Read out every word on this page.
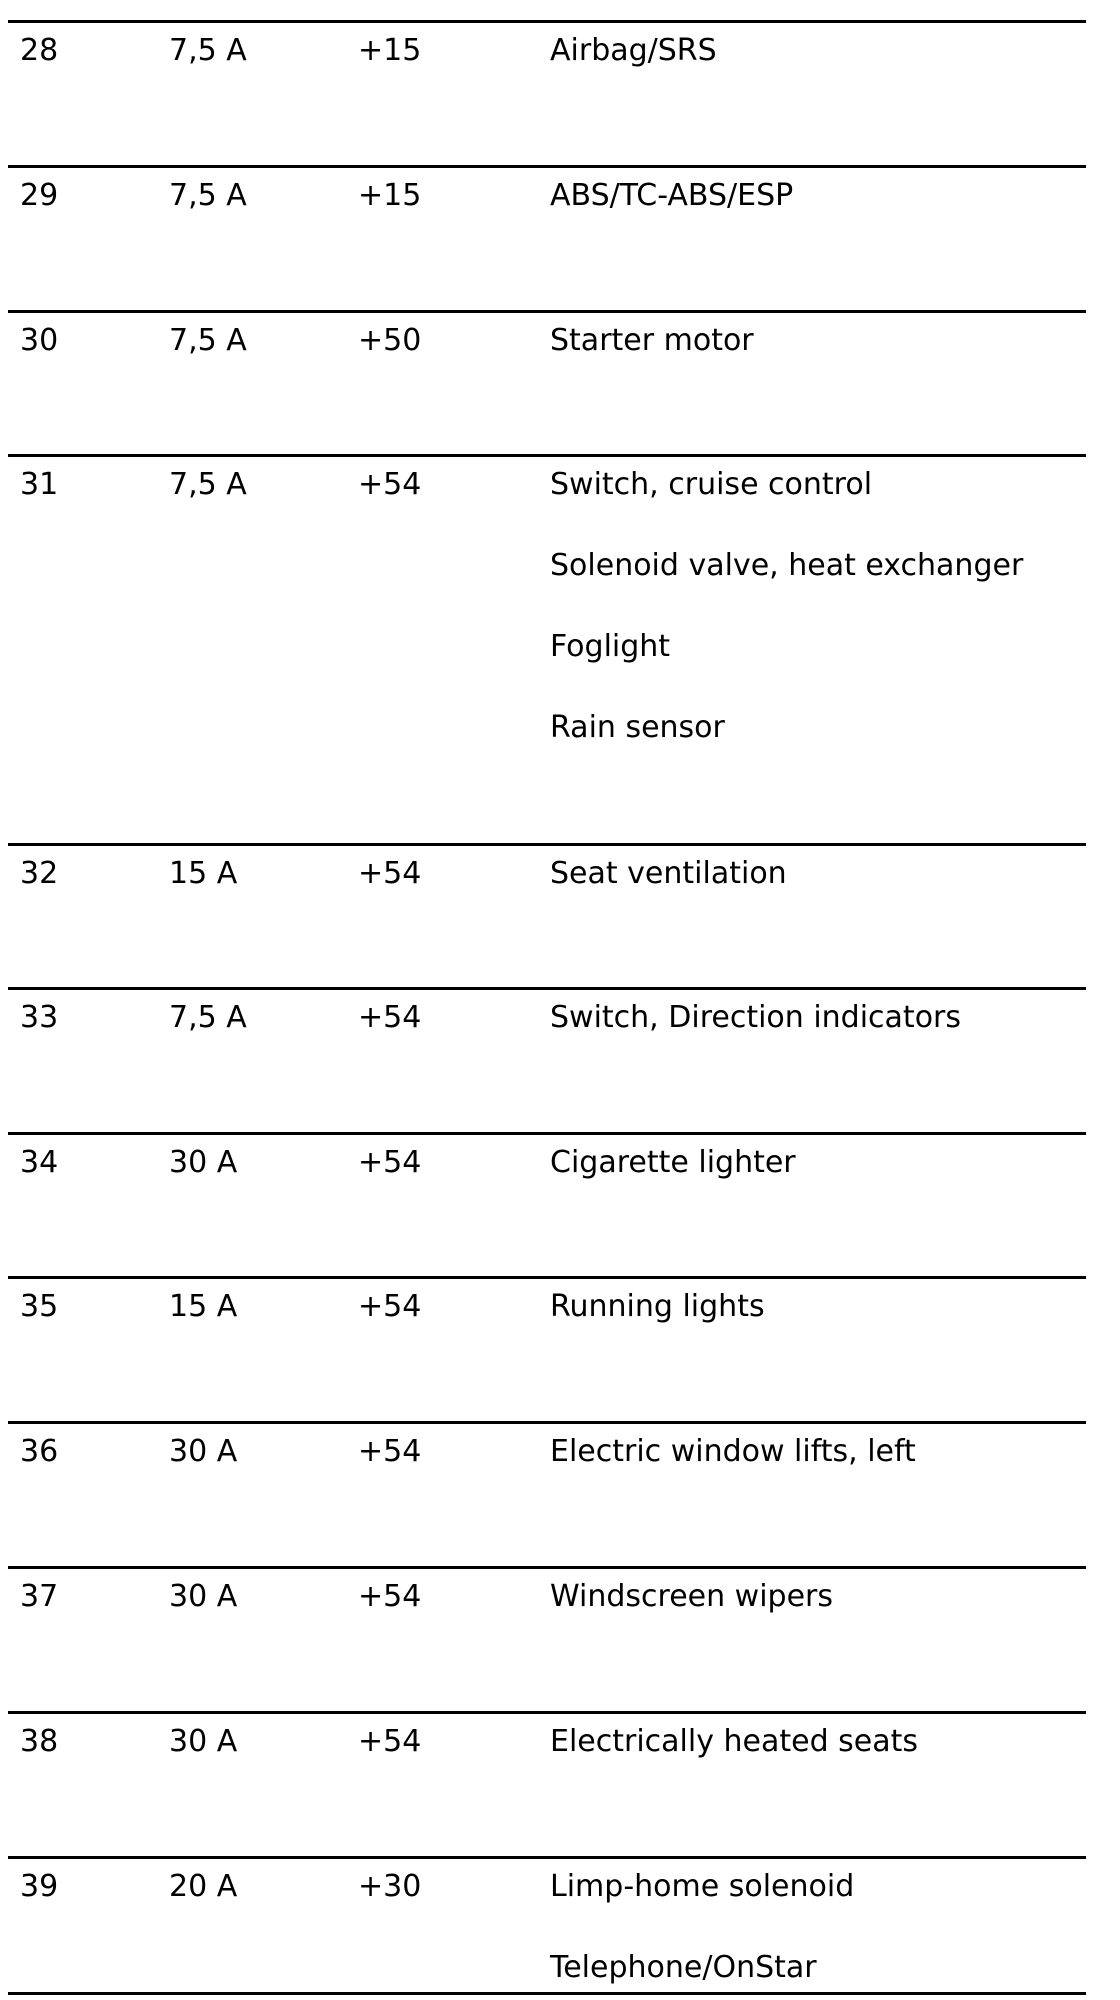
28	7,5 A	+15	Airbag/SRS
29	7,5 A	+15	ABS/TC-ABS/ESP
30	7,5 A	+50	Starter motor
31	7,5 A	+54	Switch, cruise control
Solenoid valve, heat exchanger
Foglight
Rain sensor
32	15 A	+54	Seat ventilation
33	7,5 A	+54	Switch, Direction indicators
34	30 A	+54	Cigarette lighter
35	15 A	+54	Running lights
36	30 A	+54	Electric window lifts, left
37	30 A	+54	Windscreen wipers
38	30 A	+54	Electrically heated seats
39	20 A	+30	Limp-home solenoid
Telephone/OnStar
